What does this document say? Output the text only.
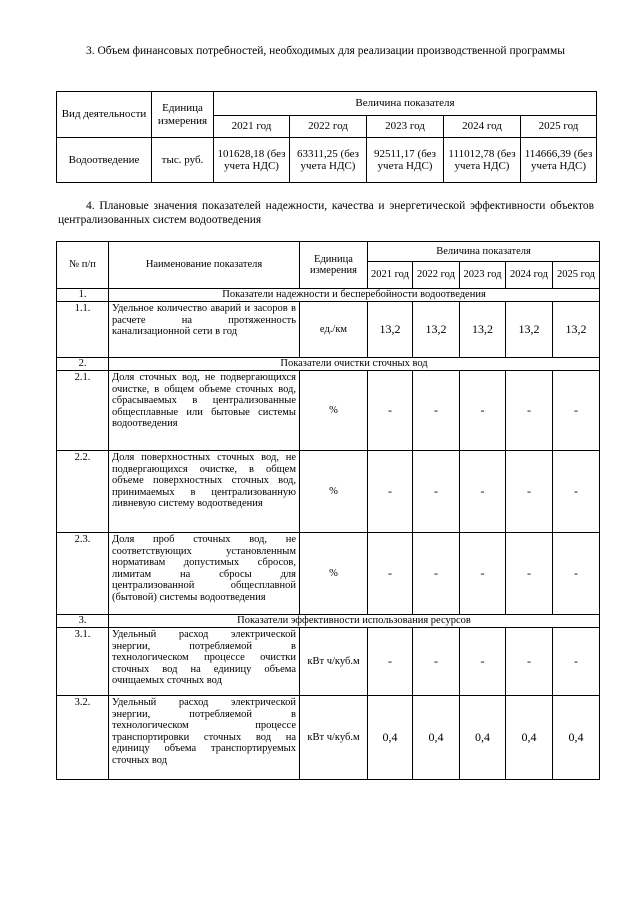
3. Объем финансовых потребностей, необходимых для реализации производственной программы

Вид деятельности	Единица измерения	Величина показателя				
		2021 год	2022 год	2023 год	2024 год	2025 год
Водоотведение	тыс. руб.	101628,18 (без учета НДС)	63311,25 (без учета НДС)	92511,17 (без учета НДС)	111012,78 (без учета НДС)	114666,39 (без учета НДС)

4. Плановые значения показателей надежности, качества и энергетической эффективности объектов централизованных систем водоотведения

№ п/п	Наименование показателя	Единица измерения	Величина показателя				
			2021 год	2022 год	2023 год	2024 год	2025 год
1.	Показатели надежности и бесперебойности водоотведения						
1.1.	Удельное количество аварий и засоров в расчете на протяженность канализационной сети в год	ед./км	13,2	13,2	13,2	13,2	13,2
2.	Показатели очистки сточных вод						
2.1.	Доля сточных вод, не подвергающихся очистке, в общем объеме сточных вод, сбрасываемых в централизованные общесплавные или бытовые системы водоотведения	%	-	-	-	-	-
2.2.	Доля поверхностных сточных вод, не подвергающихся очистке, в общем объеме поверхностных сточных вод, принимаемых в централизованную ливневую систему водоотведения	%	-	-	-	-	-
2.3.	Доля проб сточных вод, не соответствующих установленным нормативам допустимых сбросов, лимитам на сбросы для централизованной общесплавной (бытовой) системы водоотведения	%	-	-	-	-	-
3.	Показатели эффективности использования ресурсов						
3.1.	Удельный расход электрической энергии, потребляемой в технологическом процессе очистки сточных вод на единицу объема очищаемых сточных вод	кВт ч/куб.м	-	-	-	-	-
3.2.	Удельный расход электрической энергии, потребляемой в технологическом процессе транспортировки сточных вод на единицу объема транспортируемых сточных вод	кВт ч/куб.м	0,4	0,4	0,4	0,4	0,4
